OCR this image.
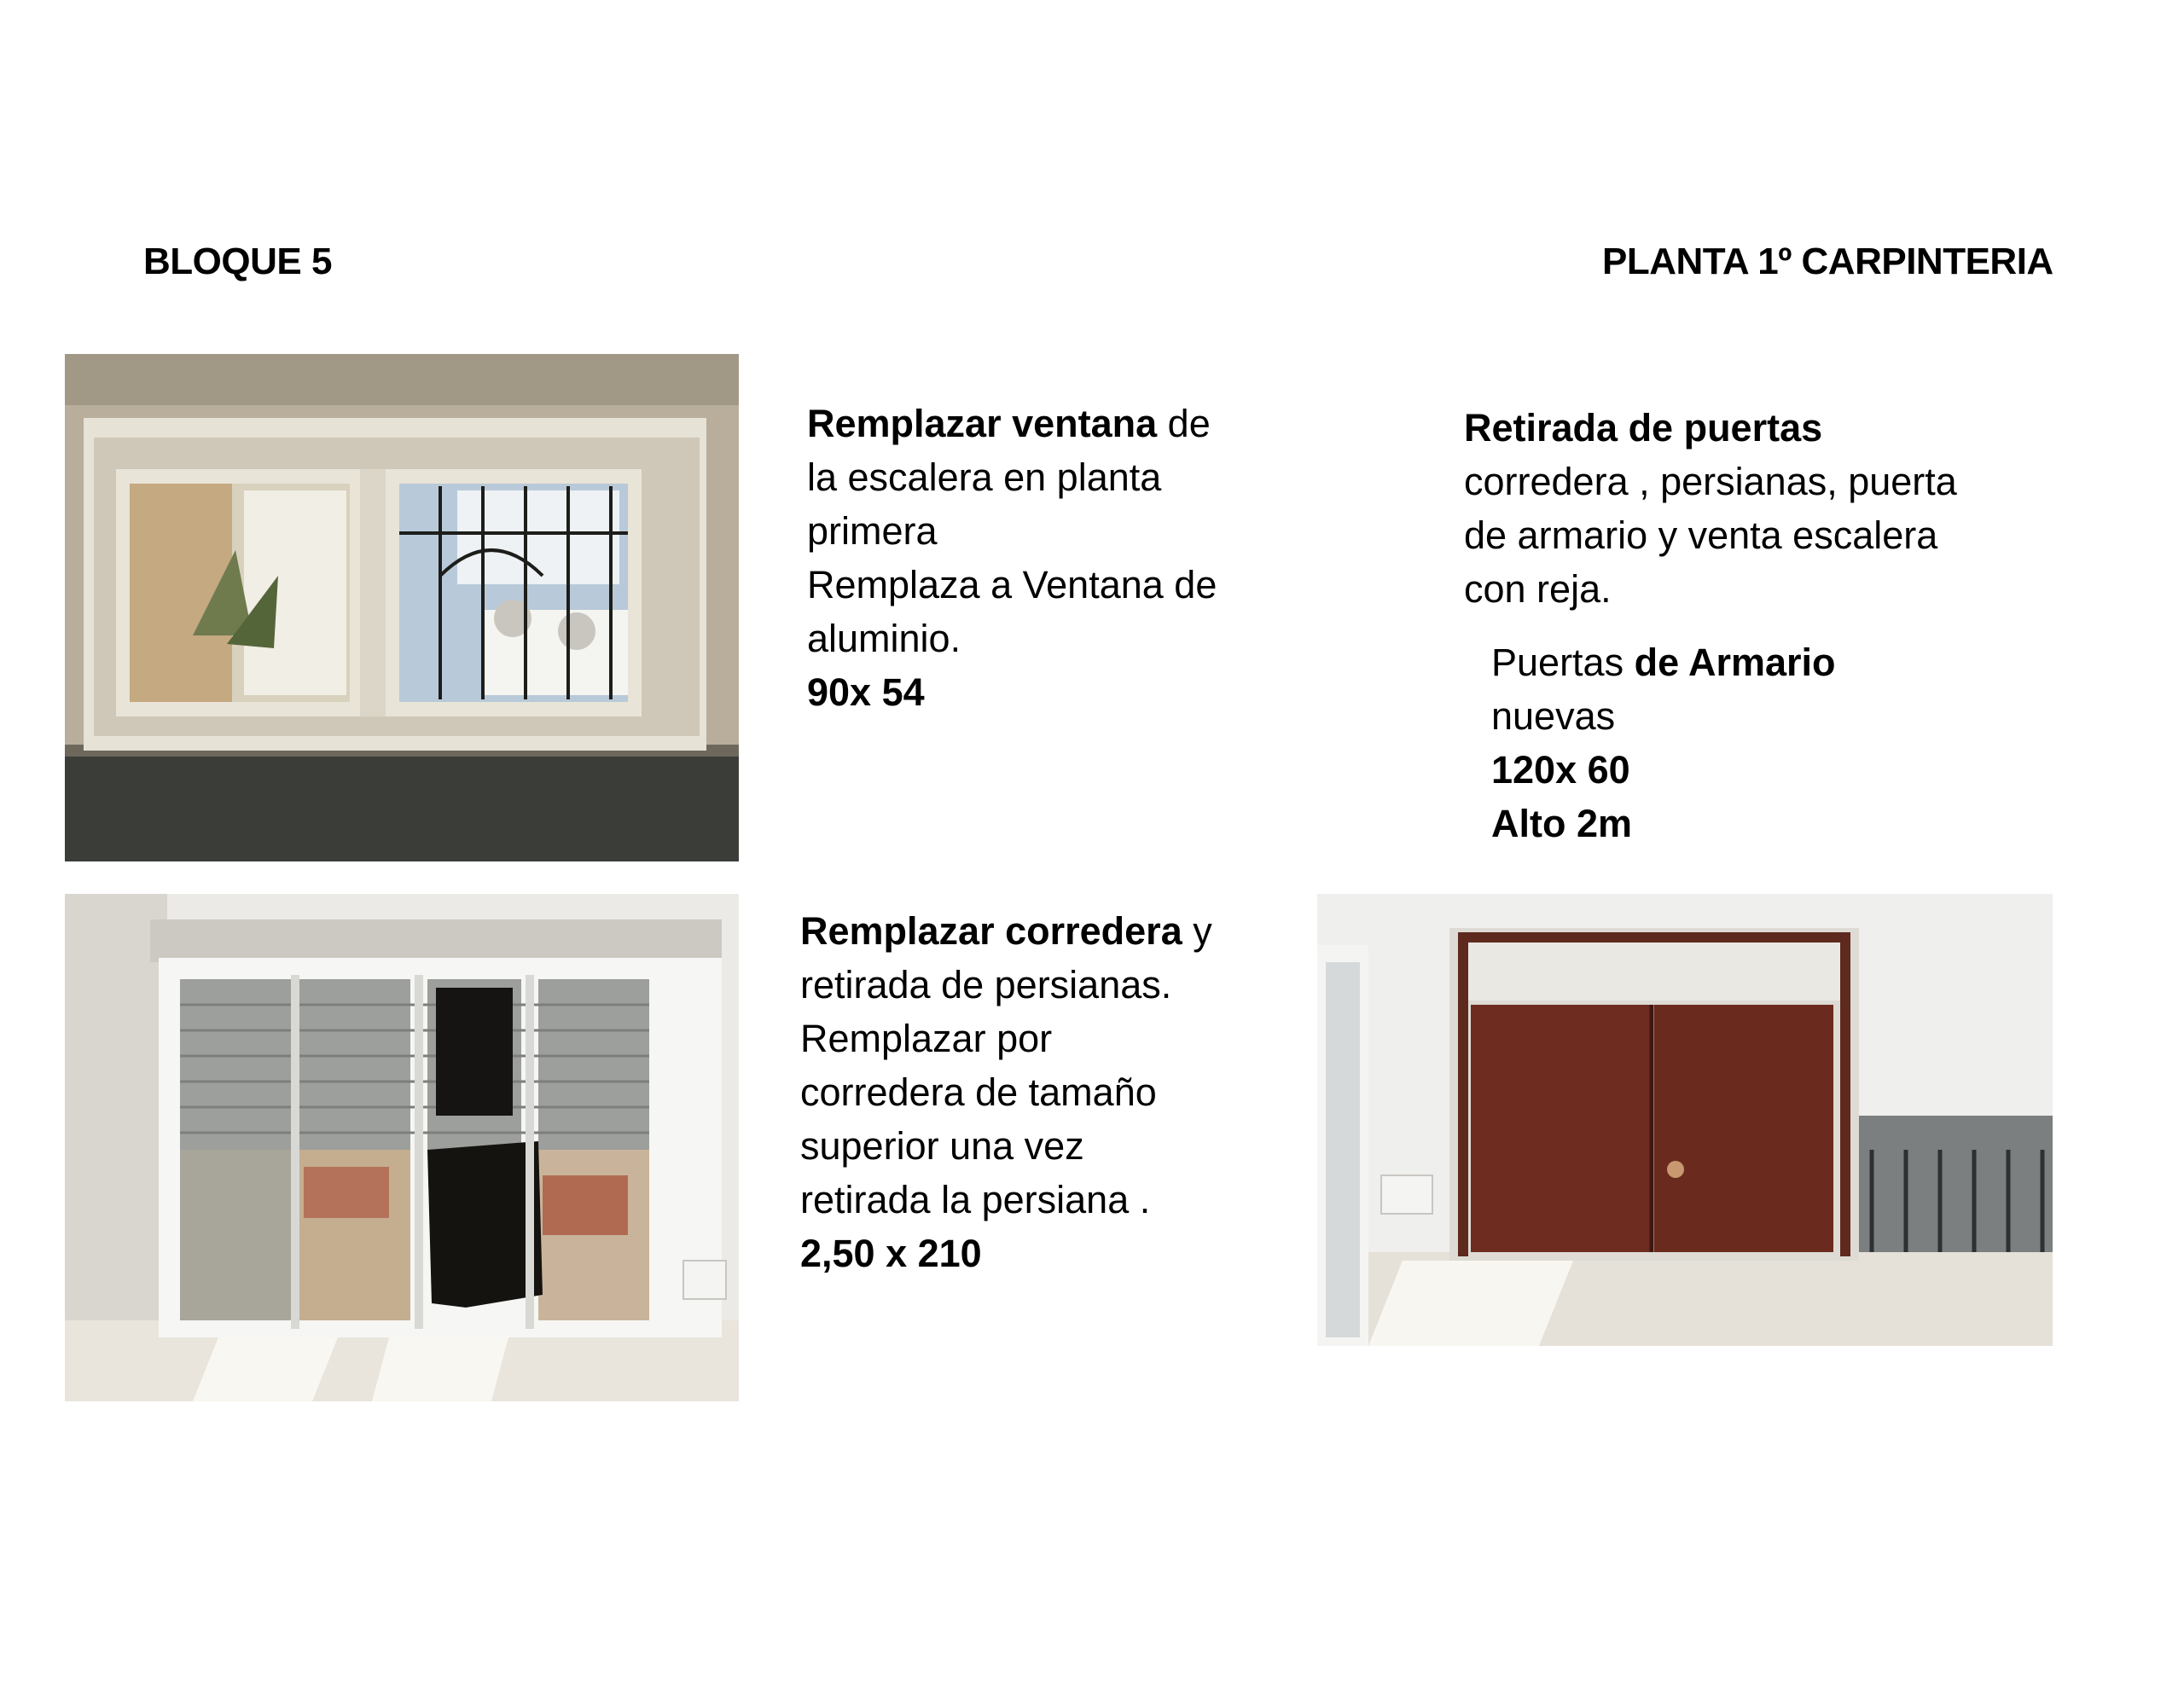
BLOQUE 5	PLANTA 1º CARPINTERIA
Remplazar ventana de
la escalera en planta
primera
Remplaza a Ventana de
aluminio.
90x 54
Retirada de puertas
corredera , persianas, puerta
de armario y venta escalera
con reja.
Puertas de Armario
nuevas
120x 60
Alto 2m
Remplazar corredera y
retirada de persianas.
Remplazar por
corredera de tamaño
superior una vez
retirada la persiana .
2,50 x 210
